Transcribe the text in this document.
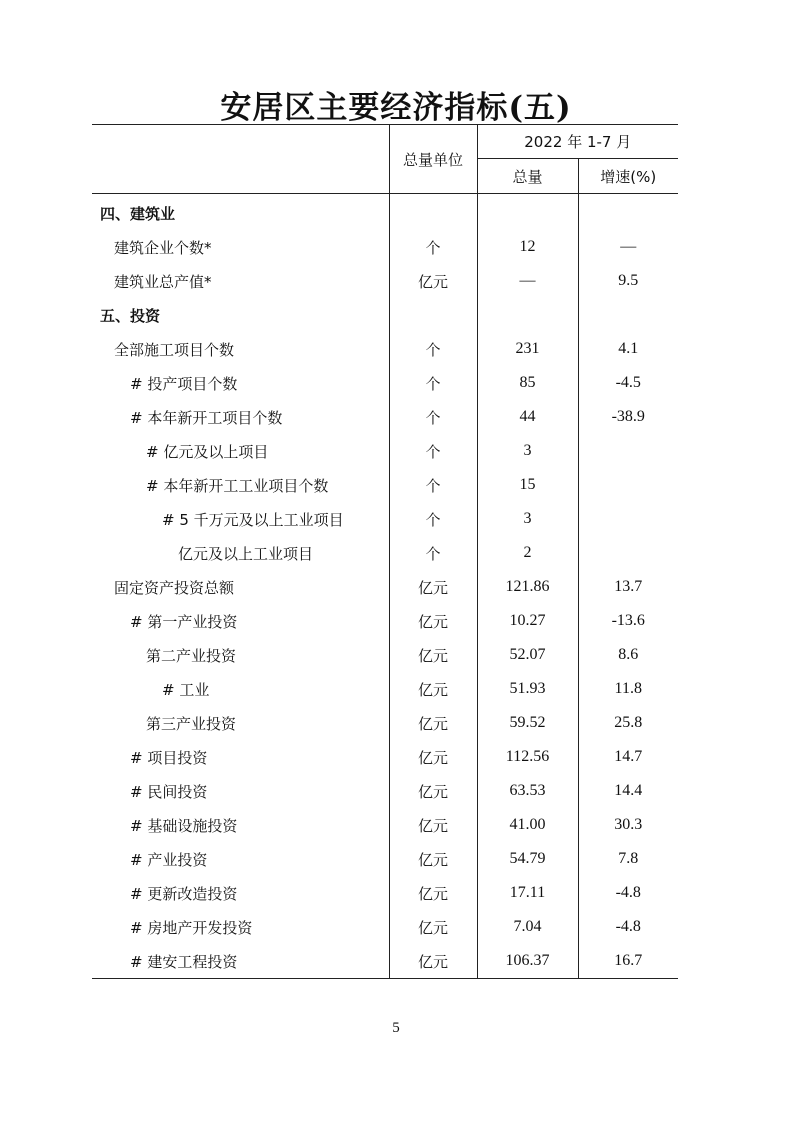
安居区主要经济指标(五)
	总量单位	2022 年 1-7 月	
		总量	增速(%)
四、建筑业			
建筑企业个数*	个	12	—
建筑业总产值*	亿元	—	9.5
五、投资			
全部施工项目个数	个	231	4.1
# 投产项目个数	个	85	-4.5
# 本年新开工项目个数	个	44	-38.9
# 亿元及以上项目	个	3	
# 本年新开工工业项目个数	个	15	
# 5 千万元及以上工业项目	个	3	
亿元及以上工业项目	个	2	
固定资产投资总额	亿元	121.86	13.7
# 第一产业投资	亿元	10.27	-13.6
第二产业投资	亿元	52.07	8.6
# 工业	亿元	51.93	11.8
第三产业投资	亿元	59.52	25.8
# 项目投资	亿元	112.56	14.7
# 民间投资	亿元	63.53	14.4
# 基础设施投资	亿元	41.00	30.3
# 产业投资	亿元	54.79	7.8
# 更新改造投资	亿元	17.11	-4.8
# 房地产开发投资	亿元	7.04	-4.8
# 建安工程投资	亿元	106.37	16.7
5
